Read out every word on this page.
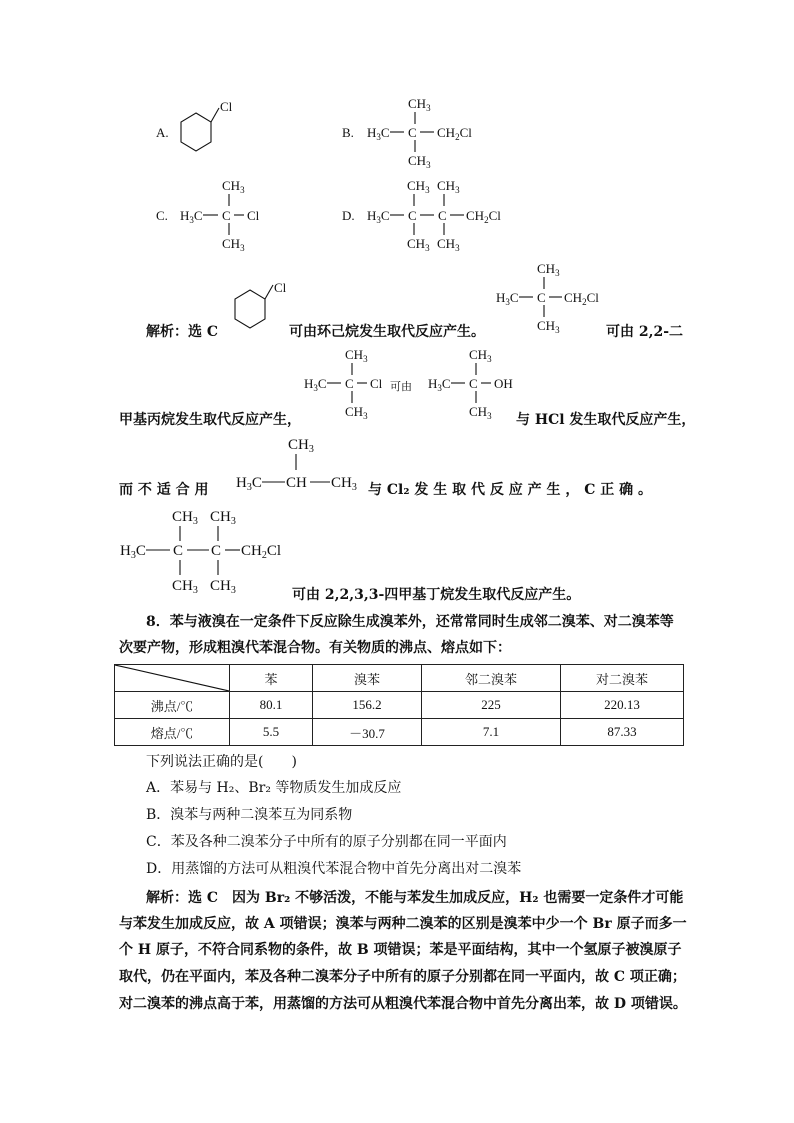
A.
Cl
B.
$CH_3$
$H_3C$ C $CH_2Cl$
$CH_3$
C.
$CH_3$
$H_3C$ C Cl
$CH_3$
D.
$CH_3$ $CH_3$
$H_3C$ C C $CH_2Cl$
$CH_3$ $CH_3$
Cl
$CH_3$
$H_3C$ C $CH_2Cl$
$CH_3$
$CH_3$
$H_3C$ C Cl
$CH_3$
$CH_3$
$H_3C$ C OH
$CH_3$
$CH_3$
$H_3C$ CH $CH_3$
$CH_3$ $CH_3$
$H_3C$ C C $CH_2Cl$
$CH_3$ $CH_3$
解析：选 C	可由环己烷发生取代反应产生。	可由 2,2-二
甲基丙烷发生取代反应产生，
可由
与 HCl 发生取代反应产生，
而 不 适 合 用	与 Cl₂ 发 生 取 代 反 应 产 生 ， C 正 确 。
可由 2,2,3,3-四甲基丁烷发生取代反应产生。
8．苯与液溴在一定条件下反应除生成溴苯外，还常常同时生成邻二溴苯、对二溴苯等
次要产物，形成粗溴代苯混合物。有关物质的沸点、熔点如下：
	苯	溴苯	邻二溴苯	对二溴苯
沸点/℃	80.1	156.2	225	220.13
熔点/℃	5.5	－30.7	7.1	87.33
下列说法正确的是(　　)
A．苯易与 H₂、Br₂ 等物质发生加成反应
B．溴苯与两种二溴苯互为同系物
C．苯及各种二溴苯分子中所有的原子分别都在同一平面内
D．用蒸馏的方法可从粗溴代苯混合物中首先分离出对二溴苯
解析：选 C　因为 Br₂ 不够活泼，不能与苯发生加成反应，H₂ 也需要一定条件才可能
与苯发生加成反应，故 A 项错误；溴苯与两种二溴苯的区别是溴苯中少一个 Br 原子而多一
个 H 原子，不符合同系物的条件，故 B 项错误；苯是平面结构，其中一个氢原子被溴原子
取代，仍在平面内，苯及各种二溴苯分子中所有的原子分别都在同一平面内，故 C 项正确；
对二溴苯的沸点高于苯，用蒸馏的方法可从粗溴代苯混合物中首先分离出苯，故 D 项错误。
